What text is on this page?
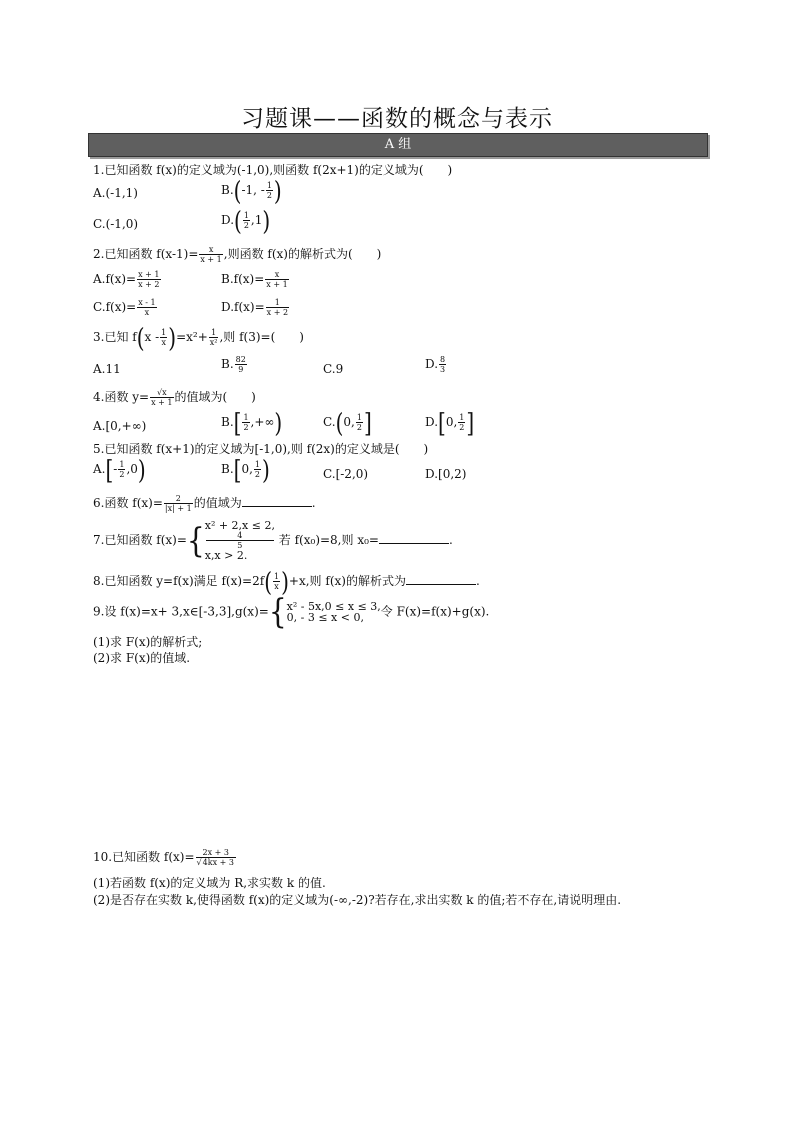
习题课——函数的概念与表示
A 组
1.已知函数 f(x)的定义域为(-1,0),则函数 f(2x+1)的定义域为(　　)
A.(-1,1)	B.(-1, - $\frac{1}{2}$ )
C.(-1,0)	$D.( \frac{1}{2} ,1)$
2.已知函数 $f(x-1)= \frac{x}{x + 1}$ ,则函数 f(x)的解析式为(　　)
$A.f(x)= \frac{x + 1}{x + 2}$	$B.f(x)= \frac{x}{x + 1}$
$C.f(x)= \frac{x - 1}{x}$	$D.f(x)= \frac{1}{x + 2}$
3.已知 $f(x - \frac{1}{x} )=x^2+ \frac{1}{\text{x²}}$ ,则 f(3)=(　　)
A.11	B. $\frac{82}{9}$	C.9	D. $\frac{8}{3}$
4.函数 $y= \frac{√x}{x + 1}$ 的值域为(　　)
A.[0,+∞)	$B.[ \frac{1}{2}$ ,+∞)	C.(0, $\frac{1}{2}$ ]	D.[0, $\frac{1}{2}$ ]
5.已知函数 f(x+1)的定义域为[-1,0),则 f(2x)的定义域是(　　)
$A.[- \frac{1}{2} ,0)$	B.[0, $\frac{1}{2}$ )	C.[-2,0)	D.[0,2)
6.函数 $f(x)= \frac{2}{|x| + 1}$ 的值域为	.
7.已知函数 f(x)={ x² + 2,x ≤ 2,
4
5
x,x > 2.
若 f(x₀)=8,则 x₀=	.
8.已知函数 y=f(x)满足 $f(x)=2f( \frac{1}{x} )+x$,则 f(x)的解析式为	.
9.设 f(x)=x+ 3,x∈[-3,3],g(x)={ x² - 5x,0 ≤ x ≤ 3,
0, - 3 ≤ x < 0,	令 F(x)=f(x)+g(x).
(1)求 F(x)的解析式;
(2)求 F(x)的值域.
10.已知函数 $f(x)= \frac{2x + 3}{√4kx + 3}$
(1)若函数 f(x)的定义域为 R,求实数 k 的值.
(2)是否存在实数 k,使得函数 f(x)的定义域为(-∞,-2)?若存在,求出实数 k 的值;若不存在,请说明理由.
